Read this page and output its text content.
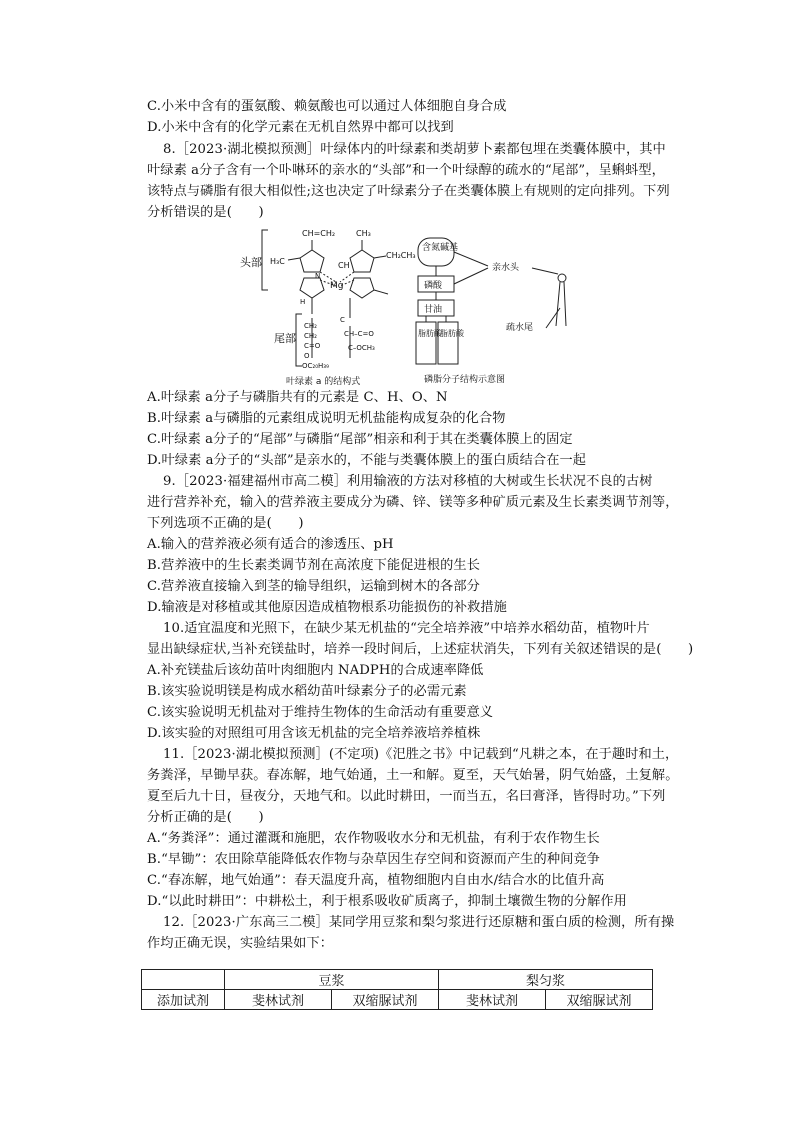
C.小米中含有的蛋氨酸、赖氨酸也可以通过人体细胞自身合成
D.小米中含有的化学元素在无机自然界中都可以找到
8.［2023·湖北模拟预测］叶绿体内的叶绿素和类胡萝卜素都包埋在类囊体膜中，其中
叶绿素 a分子含有一个卟啉环的亲水的“头部”和一个叶绿醇的疏水的“尾部”，呈蝌蚪型，
该特点与磷脂有很大相似性;这也决定了叶绿素分子在类囊体膜上有规则的定向排列。下列
分析错误的是(　　)
头部
尾部
CH=CH₂	CH₃
H₃C
CH₂CH₃
Mg
CH
N
H
CH₂
CH₂
C=O
O
OC₂₀H₃₉
CH–C=O
C–OCH₃
C
叶绿素 a 的结构式
含氮碱基
磷酸
甘油
脂肪酸
脂肪酸
亲水头
疏水尾
磷脂分子结构示意图
A.叶绿素 a分子与磷脂共有的元素是 C、H、O、N
B.叶绿素 a与磷脂的元素组成说明无机盐能构成复杂的化合物
C.叶绿素 a分子的“尾部”与磷脂“尾部”相亲和利于其在类囊体膜上的固定
D.叶绿素 a分子的“头部”是亲水的，不能与类囊体膜上的蛋白质结合在一起
9.［2023·福建福州市高二模］利用输液的方法对移植的大树或生长状况不良的古树
进行营养补充，输入的营养液主要成分为磷、锌、镁等多种矿质元素及生长素类调节剂等，
下列选项不正确的是(　　)
A.输入的营养液必须有适合的渗透压、pH
B.营养液中的生长素类调节剂在高浓度下能促进根的生长
C.营养液直接输入到茎的输导组织，运输到树木的各部分
D.输液是对移植或其他原因造成植物根系功能损伤的补救措施
10.适宜温度和光照下，在缺少某无机盐的“完全培养液”中培养水稻幼苗，植物叶片
显出缺绿症状,当补充镁盐时，培养一段时间后，上述症状消失，下列有关叙述错误的是(　　)
A.补充镁盐后该幼苗叶肉细胞内 NADPH的合成速率降低
B.该实验说明镁是构成水稻幼苗叶绿素分子的必需元素
C.该实验说明无机盐对于维持生物体的生命活动有重要意义
D.该实验的对照组可用含该无机盐的完全培养液培养植株
11.［2023·湖北模拟预测］(不定项)《汜胜之书》中记载到“凡耕之本，在于趣时和土，
务粪泽，早锄早获。春冻解，地气始通，土一和解。夏至，天气始暑，阴气始盛，土复解。
夏至后九十日，昼夜分，天地气和。以此时耕田，一而当五，名曰膏泽，皆得时功。”下列
分析正确的是(　　)
A.“务粪泽”：通过灌溉和施肥，农作物吸收水分和无机盐，有利于农作物生长
B.“早锄”：农田除草能降低农作物与杂草因生存空间和资源而产生的种间竞争
C.“春冻解，地气始通”：春天温度升高，植物细胞内自由水/结合水的比值升高
D.“以此时耕田”：中耕松土，利于根系吸收矿质离子，抑制土壤微生物的分解作用
12.［2023·广东高三二模］某同学用豆浆和梨匀浆进行还原糖和蛋白质的检测，所有操
作均正确无误，实验结果如下：
	豆浆		梨匀浆	
添加试剂	斐林试剂	双缩脲试剂	斐林试剂	双缩脲试剂
